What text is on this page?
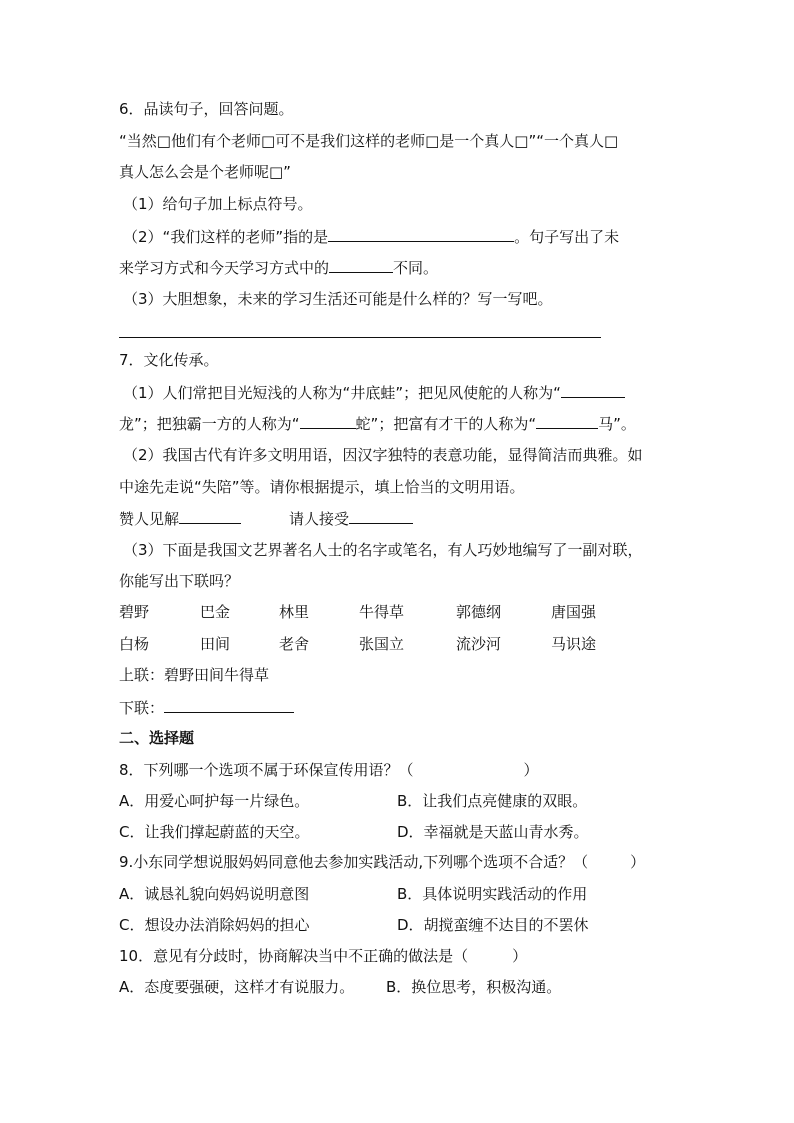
6．品读句子，回答问题。
“当然□他们有个老师□可不是我们这样的老师□是一个真人□”“一个真人□
真人怎么会是个老师呢□”
（1）给句子加上标点符号。
（2）“我们这样的老师”指的是	。句子写出了未
来学习方式和今天学习方式中的	不同。
（3）大胆想象，未来的学习生活还可能是什么样的？写一写吧。
7．文化传承。
（1）人们常把目光短浅的人称为“井底蛙”；把见风使舵的人称为“
龙”；把独霸一方的人称为“	蛇”；把富有才干的人称为“	马”。
（2）我国古代有许多文明用语，因汉字独特的表意功能，显得简洁而典雅。如
中途先走说“失陪”等。请你根据提示，填上恰当的文明用语。
赞人见解	请人接受
（3）下面是我国文艺界著名人士的名字或笔名，有人巧妙地编写了一副对联，
你能写出下联吗？
碧野	巴金	林里	牛得草	郭德纲	唐国强
白杨	田间	老舍	张国立	流沙河	马识途
上联：碧野田间牛得草
下联：
二、选择题
8．下列哪一个选项不属于环保宣传用语？（	）
A．用爱心呵护每一片绿色。	B．让我们点亮健康的双眼。
C．让我们撑起蔚蓝的天空。	D．幸福就是天蓝山青水秀。
9.小东同学想说服妈妈同意他去参加实践活动,下列哪个选项不合适？（	）
A．诚恳礼貌向妈妈说明意图	B．具体说明实践活动的作用
C．想设办法消除妈妈的担心	D．胡搅蛮缠不达目的不罢休
10．意见有分歧时，协商解决当中不正确的做法是（	）
A．态度要强硬，这样才有说服力。 B．换位思考，积极沟通。
